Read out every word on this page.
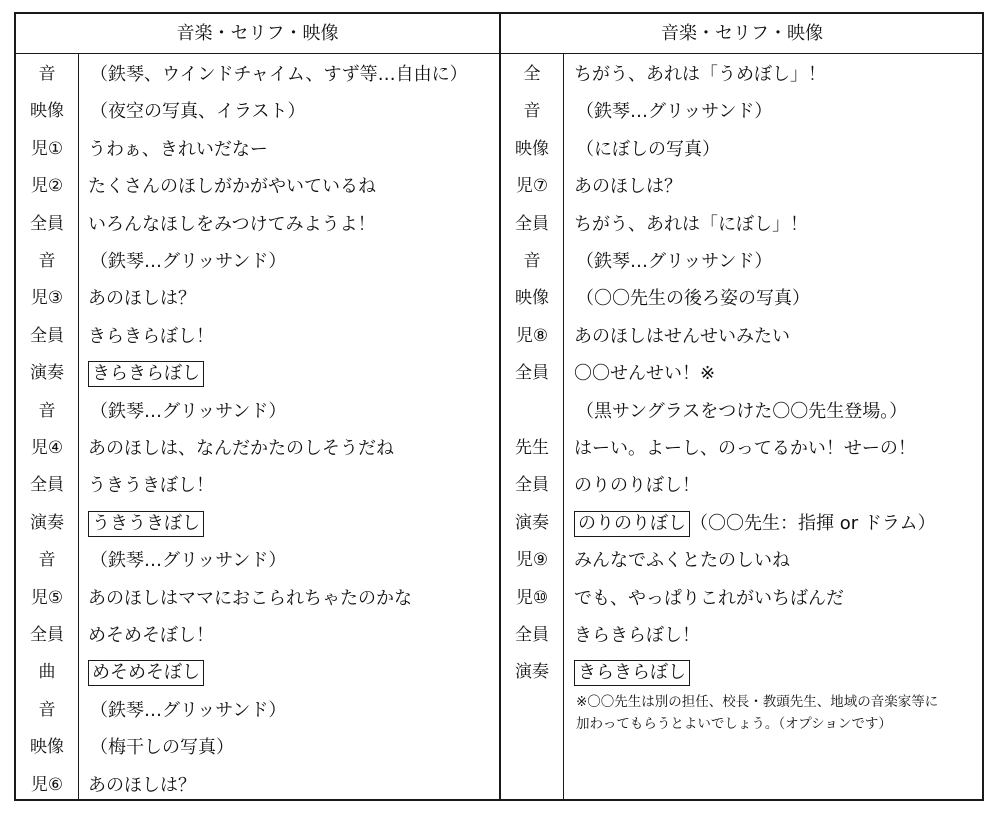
音楽・セリフ・映像	音楽・セリフ・映像
音	（鉄琴、ウインドチャイム、すず等…自由に）
映像	（夜空の写真、イラスト）
児①	うわぁ、きれいだなー
児②	たくさんのほしがかがやいているね
全員	いろんなほしをみつけてみようよ！
音	（鉄琴…グリッサンド）
児③	あのほしは？
全員	きらきらぼし！
演奏	きらきらぼし
音	（鉄琴…グリッサンド）
児④	あのほしは、なんだかたのしそうだね
全員	うきうきぼし！
演奏	うきうきぼし
音	（鉄琴…グリッサンド）
児⑤	あのほしはママにおこられちゃたのかな
全員	めそめそぼし！
曲	めそめそぼし
音	（鉄琴…グリッサンド）
映像	（梅干しの写真）
児⑥	あのほしは？
全	ちがう、あれは「うめぼし」！
音	（鉄琴…グリッサンド）
映像	（にぼしの写真）
児⑦	あのほしは？
全員	ちがう、あれは「にぼし」！
音	（鉄琴…グリッサンド）
映像	（〇〇先生の後ろ姿の写真）
児⑧	あのほしはせんせいみたい
全員	〇〇せんせい！※
（黒サングラスをつけた〇〇先生登場。）
先生	はーい。よーし、のってるかい！せーの！
全員	のりのりぼし！
演奏	のりのりぼし （〇〇先生：指揮 or ドラム）
児⑨	みんなでふくとたのしいね
児⑩	でも、やっぱりこれがいちばんだ
全員	きらきらぼし！
演奏	きらきらぼし
※〇〇先生は別の担任、校長・教頭先生、地域の音楽家等に
加わってもらうとよいでしょう。（オプションです）
